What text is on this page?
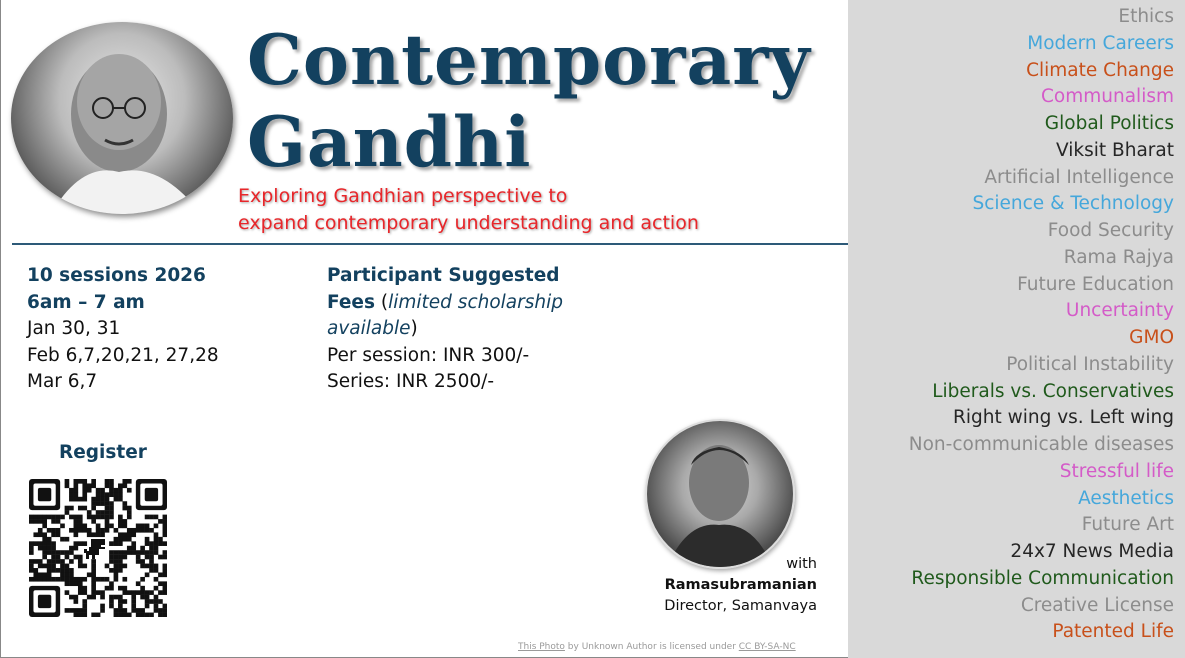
Contemporary
Gandhi
Exploring Gandhian perspective to
expand contemporary understanding and action
10 sessions 2026
6am – 7 am
Jan 30, 31
Feb 6,7,20,21, 27,28
Mar 6,7
Participant Suggested
Fees (limited scholarship available)
Per session: INR 300/-
Series: INR 2500/-
Register
with
Ramasubramanian
Director, Samanvaya
This Photo by Unknown Author is licensed under CC BY-SA-NC
Ethics
Modern Careers
Climate Change
Communalism
Global Politics
Viksit Bharat
Artificial Intelligence
Science & Technology
Food Security
Rama Rajya
Future Education
Uncertainty
GMO
Political Instability
Liberals vs. Conservatives
Right wing vs. Left wing
Non-communicable diseases
Stressful life
Aesthetics
Future Art
24x7 News Media
Responsible Communication
Creative License
Patented Life
